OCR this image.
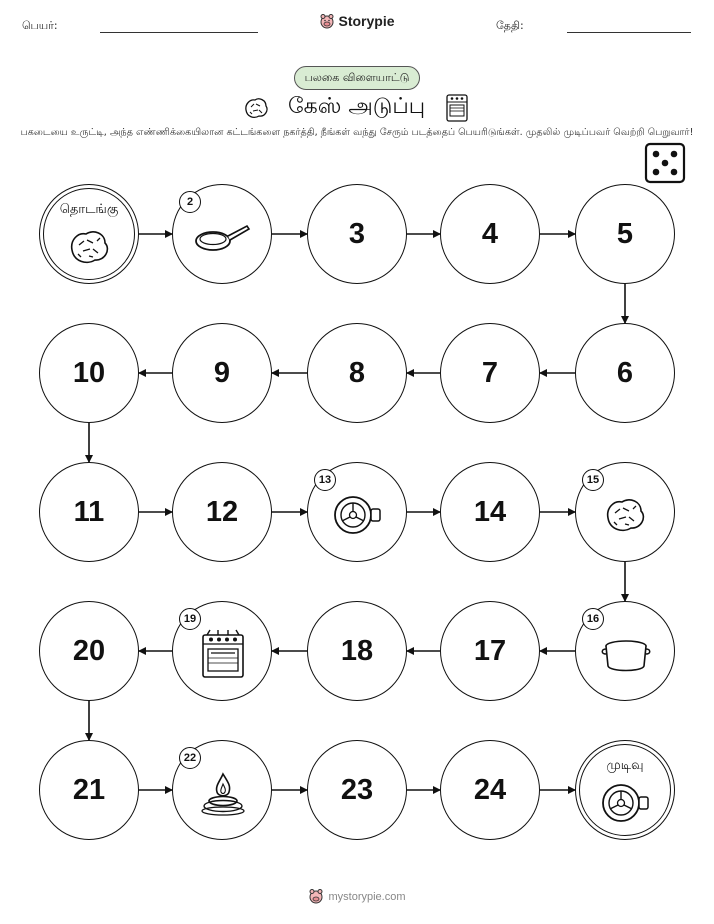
பெயர்:	Storypie	தேதி:
பலகை விளையாட்டு
கேஸ் அடுப்பு
பகடையை உருட்டி, அந்த எண்ணிக்கையிலான கட்டங்களை நகர்த்தி, நீங்கள் வந்து சேரும் படத்தைப் பெயரிடுங்கள். முதலில் முடிப்பவர் வெற்றி பெறுவார்!
தொடங்கு	2
3	4	5
6
7
8
9
10
11	12
13
14
15
16
17
18
19
20
21
22
23	24
முடிவு
mystorypie.com
